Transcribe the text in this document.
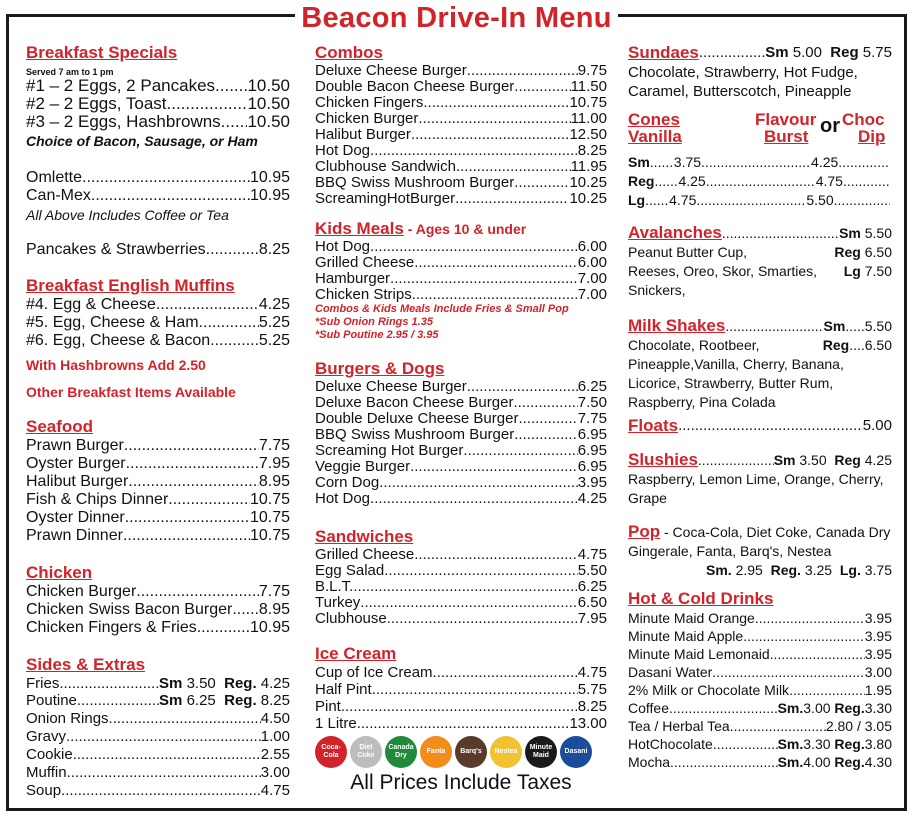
Beacon Drive-In Menu
Breakfast Specials
Served 7 am to 1 pm
#1 – 2 Eggs, 2 Pancakes ..... 10.50
#2 – 2 Eggs, Toast .....	10.50
#3 – 2 Eggs, Hashbrowns ..... 10.50
Choice of Bacon, Sausage, or Ham
Omlette .....	10.95
Can-Mex .....	10.95
All Above Includes Coffee or Tea
Pancakes & Strawberries .....	8.25
Breakfast English Muffins
#4. Egg & Cheese .....	4.25
#5. Egg, Cheese & Ham .....	5.25
#6. Egg, Cheese & Bacon .....	5.25
With Hashbrowns Add 2.50
Other Breakfast Items Available
Seafood
Prawn Burger .....	7.75
Oyster Burger .....	7.95
Halibut Burger .....	8.95
Fish & Chips Dinner .....	10.75
Oyster Dinner .....	10.75
Prawn Dinner .....	10.75
Chicken
Chicken Burger .....	7.75
Chicken Swiss Bacon Burger ..... 8.95
Chicken Fingers & Fries .....	10.95
Sides & Extras
Fries .....	Sm 3.50 Reg. 4.25
Poutine .....	Sm 6.25 Reg. 8.25
Onion Rings .....	4.50
Gravy .....	1.00
Cookie .....	2.55
Muffin .....	3.00
Soup .....	4.75
Combos
Deluxe Cheese Burger .....	9.75
Double Bacon Cheese Burger .....	11.50
Chicken Fingers .....	10.75
Chicken Burger .....	11.00
Halibut Burger .....	12.50
Hot Dog .....	8.25
Clubhouse Sandwich .....	11.95
BBQ Swiss Mushroom Burger .....	10.25
ScreamingHotBurger .....	10.25
Kids Meals - Ages 10 & under
Hot Dog .....	6.00
Grilled Cheese .....	6.00
Hamburger .....	7.00
Chicken Strips .....	7.00
Combos & Kids Meals Include Fries & Small Pop
*Sub Onion Rings 1.35
*Sub Poutine 2.95 / 3.95
Burgers & Dogs
Deluxe Cheese Burger .....	6.25
Deluxe Bacon Cheese Burger .....	7.50
Double Deluxe Cheese Burger .....	7.75
BBQ Swiss Mushroom Burger .....	6.95
Screaming Hot Burger .....	6.95
Veggie Burger .....	6.95
Corn Dog .....	3.95
Hot Dog .....	4.25
Sandwiches
Grilled Cheese .....	4.75
Egg Salad .....	5.50
B.L.T. .....	6.25
Turkey .....	6.50
Clubhouse .....	7.95
Ice Cream
Cup of Ice Cream .....	4.75
Half Pint .....	5.75
Pint .....	8.25
1 Litre .....	13.00
Coca-Cola
Diet Coke
Canada Dry
Fanta	Barq's	Nestea
Minute Maid
Dasani
All Prices Include Taxes
Sundaes .....	Sm 5.00 Reg 5.75
Chocolate, Strawberry, Hot Fudge, Caramel, Butterscotch, Pineapple
Cones
Vanilla
Flavour
Burst or Choc
Dip
Sm ..... 3.75 .....	4.25
.....
Reg ..... 4.25 .....	4.75
.....
Lg ..... 4.75 .....	5.50
.....
Avalanches .....	Sm 5.50
Peanut Butter Cup,	Reg 6.50
Reeses, Oreo, Skor, Smarties, Lg 7.50
Snickers,
Milk Shakes .....	Sm.....5.50
Chocolate, Rootbeer,	Reg....6.50
Pineapple,Vanilla, Cherry, Banana, Licorice, Strawberry, Butter Rum, Raspberry, Pina Colada
Floats .....	5.00
Slushies .....	Sm 3.50 Reg 4.25
Raspberry, Lemon Lime, Orange, Cherry, Grape
Pop - Coca-Cola, Diet Coke, Canada Dry Gingerale, Fanta, Barq's, Nestea
Sm. 2.95 Reg. 3.25 Lg. 3.75
Hot & Cold Drinks
Minute Maid Orange .....	3.95
Minute Maid Apple .....	3.95
Minute Maid Lemonaid .....	3.95
Dasani Water .....	3.00
2% Milk or Chocolate Milk .....	1.95
Coffee .....	Sm.3.00 Reg.3.30
Tea / Herbal Tea .....	2.80 / 3.05
HotChocolate .....	Sm.3.30 Reg.3.80
Mocha .....	Sm.4.00 Reg.4.30
